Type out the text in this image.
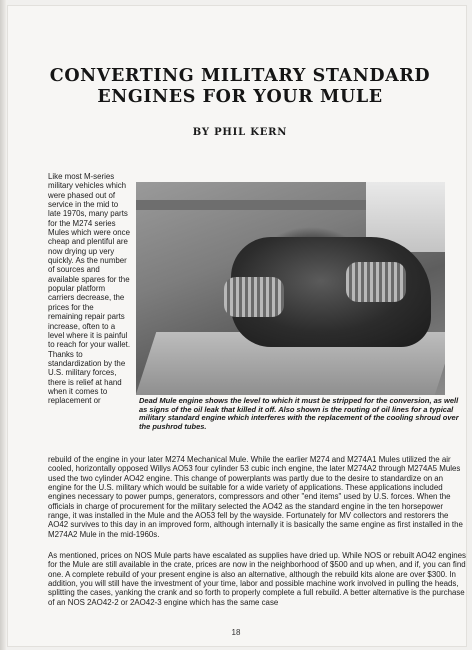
CONVERTING MILITARY STANDARD
ENGINES FOR YOUR MULE
BY PHIL KERN

Like most M-series military vehicles which were phased out of service in the mid to late 1970s, many parts for the M274 series Mules which were once cheap and plentiful are now drying up very quickly. As the number of sources and available spares for the popular platform carriers decrease, the prices for the remaining repair parts increase, often to a level where it is painful to reach for your wallet. Thanks to standardization by the U.S. military forces, there is relief at hand when it comes to replacement or	Dead Mule engine shows the level to which it must be stripped for the conversion, as well as signs of the oil leak that killed it off. Also shown is the routing of oil lines for a typical military standard engine which interferes with the replacement of the cooling shroud over the pushrod tubes.

rebuild of the engine in your later M274 Mechanical Mule. While the earlier M274 and M274A1 Mules utilized the air cooled, horizontally opposed Willys AO53 four cylinder 53 cubic inch engine, the later M274A2 through M274A5 Mules used the two cylinder AO42 engine. This change of powerplants was partly due to the desire to standardize on an engine for the U.S. military which would be suitable for a wide variety of applications. These applications included engines necessary to power pumps, generators, compressors and other "end items" used by U.S. forces. When the officials in charge of procurement for the military selected the AO42 as the standard engine in the ten horsepower range, it was installed in the Mule and the AO53 fell by the wayside. Fortunately for MV collectors and restorers the AO42 survives to this day in an improved form, although internally it is basically the same engine as first installed in the M274A2 Mule in the mid-1960s.

As mentioned, prices on NOS Mule parts have escalated as supplies have dried up. While NOS or rebuilt AO42 engines for the Mule are still available in the crate, prices are now in the neighborhood of $500 and up when, and if, you can find one. A complete rebuild of your present engine is also an alternative, although the rebuild kits alone are over $300. In addition, you will still have the investment of your time, labor and possible machine work involved in pulling the heads, splitting the cases, yanking the crank and so forth to properly complete a full rebuild. A better alternative is the purchase of an NOS 2AO42-2 or 2AO42-3 engine which has the same case

18
